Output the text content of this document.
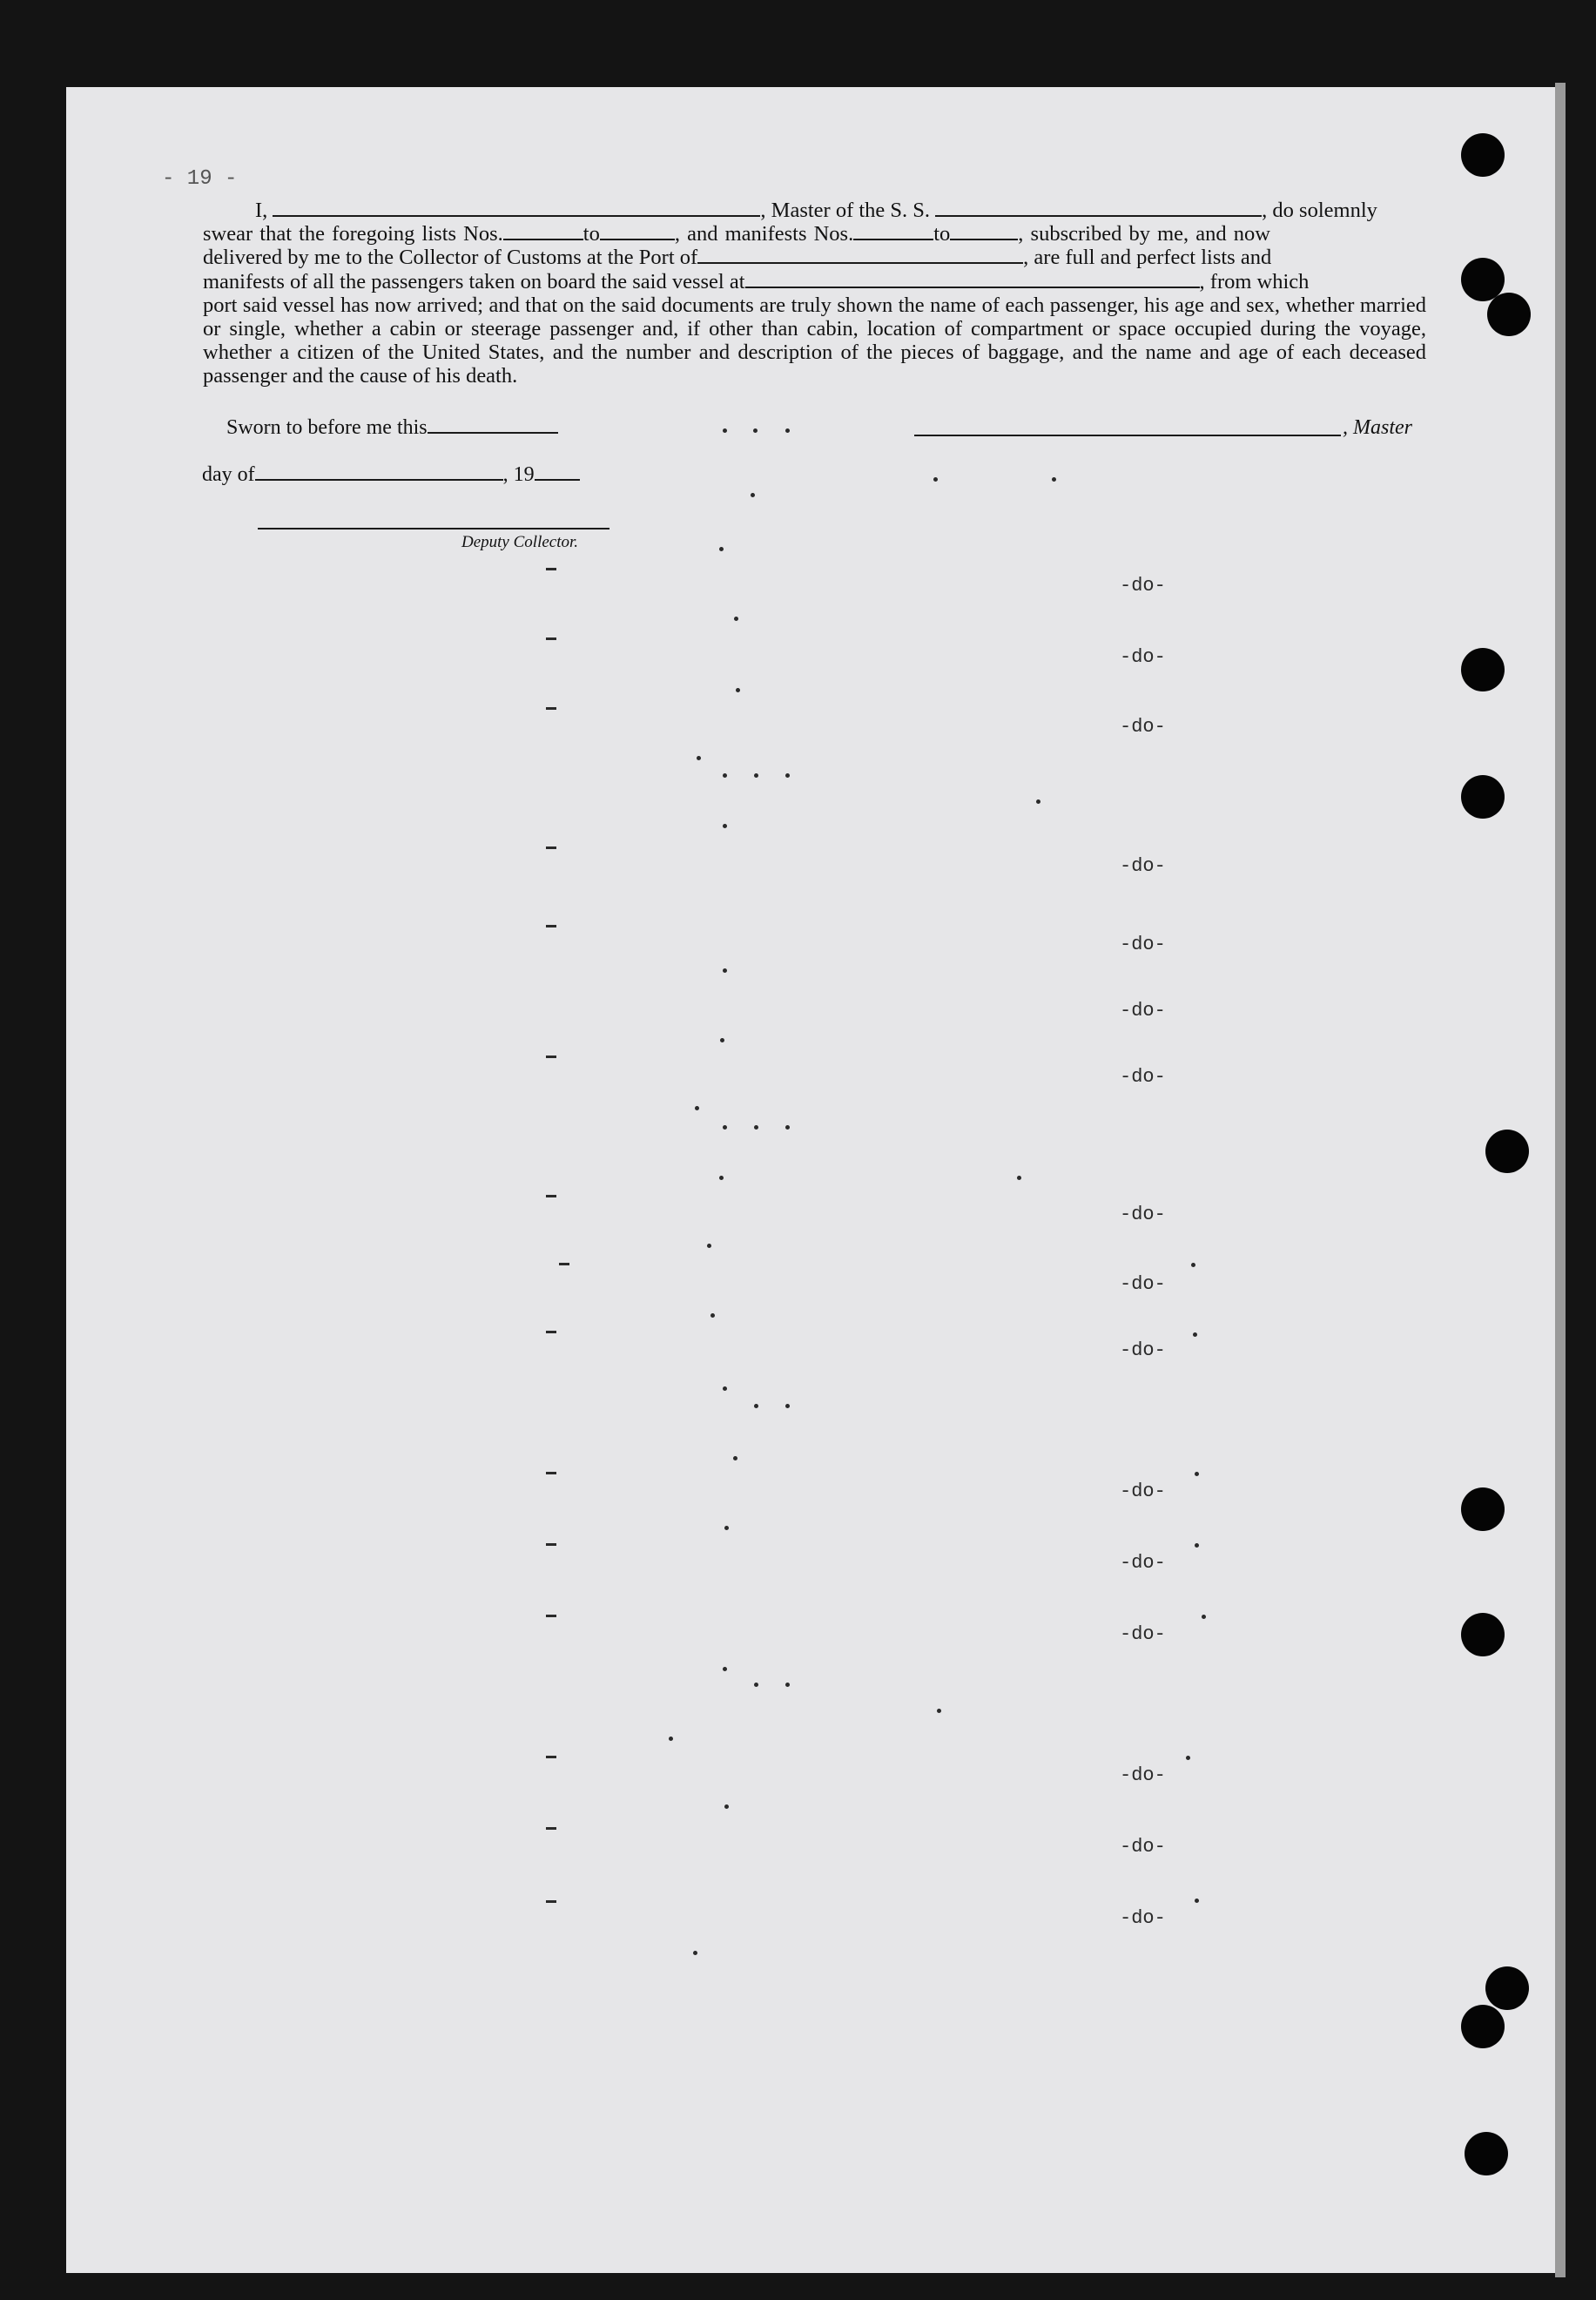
- 19 -
I,	, Master of the S. S.	, do solemnly
swear that the foregoing lists Nos.	to	, and manifests Nos.	to	, subscribed by me, and now
delivered by me to the Collector of Customs at the Port of	, are full and perfect lists and
manifests of all the passengers taken on board the said vessel at	, from which
port said vessel has now arrived; and that on the said documents are truly shown the name of each passenger, his age and sex, whether married or single, whether a cabin or steerage passenger and, if other than cabin, location of compartment or space occupied during the voyage, whether a citizen of the United States, and the number and description of the pieces of baggage, and the name and age of each deceased passenger and the cause of his death.
Sworn to before me this	, Master
day of	, 19
Deputy Collector.
-do-
-do-
-do-
-do-
-do-
-do-
-do-
-do-
-do-
-do-
-do-
-do-
-do-
-do-
-do-
-do-
